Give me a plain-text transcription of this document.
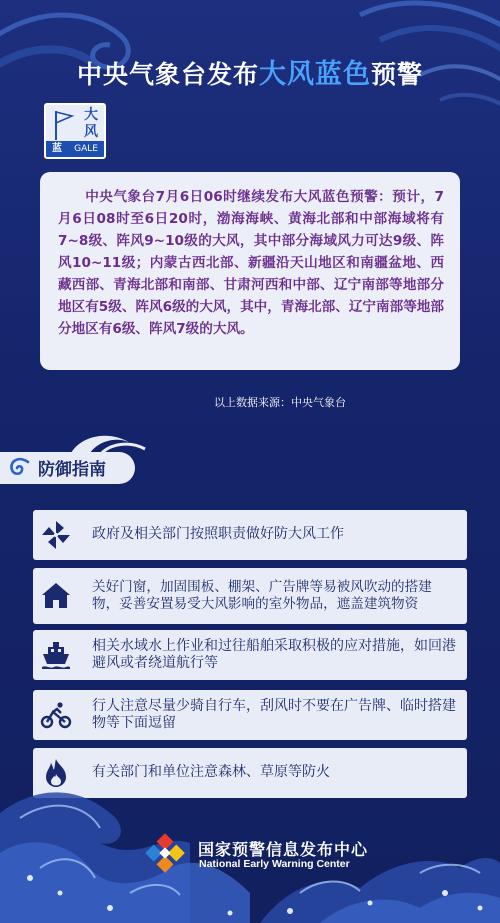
中央气象台发布大风蓝色预警
大
风
蓝 GALE
中央气象台7月6日06时继续发布大风蓝色预警：预计，7月6日08时至6日20时，渤海海峡、黄海北部和中部海域将有7~8级、阵风9~10级的大风，其中部分海域风力可达9级、阵风10~11级；内蒙古西北部、新疆沿天山地区和南疆盆地、西藏西部、青海北部和南部、甘肃河西和中部、辽宁南部等地部分地区有5级、阵风6级的大风，其中，青海北部、辽宁南部等地部分地区有6级、阵风7级的大风。
以上数据来源：中央气象台
防御指南
政府及相关部门按照职责做好防大风工作
关好门窗，加固围板、棚架、广告牌等易被风吹动的搭建物，妥善安置易受大风影响的室外物品，遮盖建筑物资
相关水域水上作业和过往船舶采取积极的应对措施，如回港避风或者绕道航行等
行人注意尽量少骑自行车，刮风时不要在广告牌、临时搭建物等下面逗留
有关部门和单位注意森林、草原等防火
国家预警信息发布中心
National Early Warning Center
